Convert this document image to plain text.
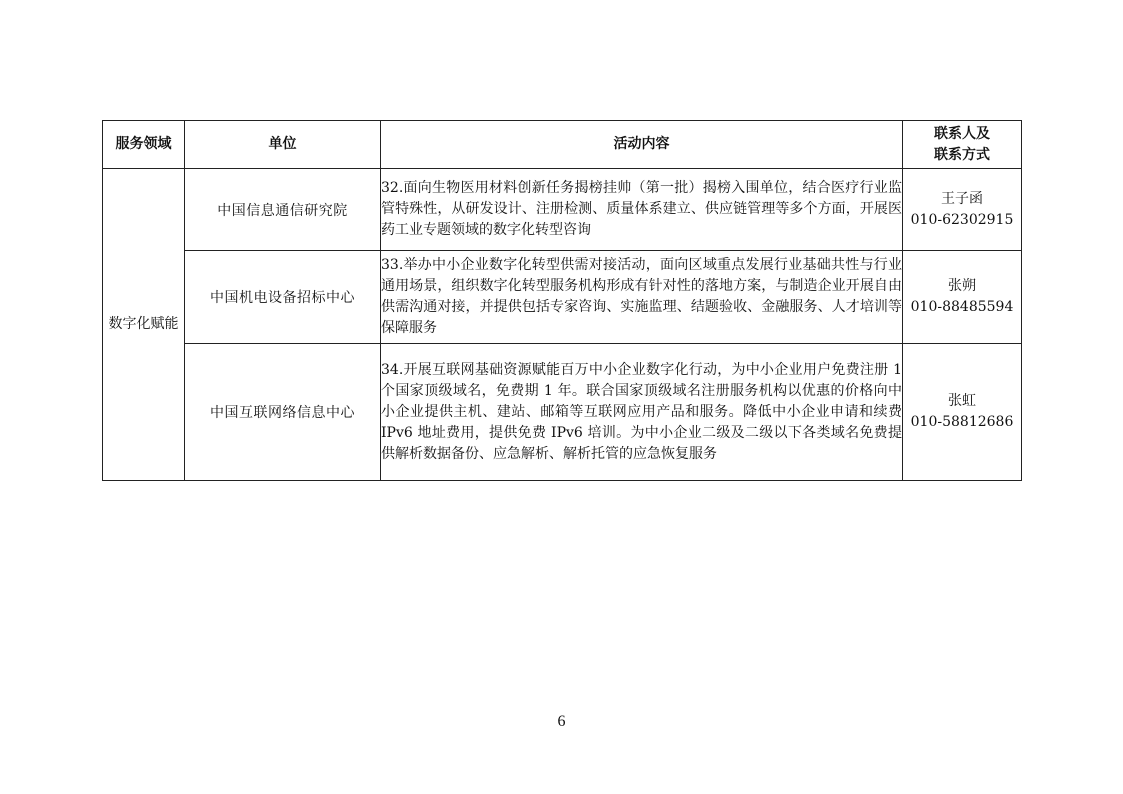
服务领域	单位	活动内容	联系人及
联系方式

数字化赋能	中国信息通信研究院	32.面向生物医用材料创新任务揭榜挂帅（第一批）揭榜入围单位，结合医疗行业监管特殊性，从研发设计、注册检测、质量体系建立、供应链管理等多个方面，开展医药工业专题领域的数字化转型咨询	王子函
010-62302915

	中国机电设备招标中心	33.举办中小企业数字化转型供需对接活动，面向区域重点发展行业基础共性与行业通用场景，组织数字化转型服务机构形成有针对性的落地方案，与制造企业开展自由供需沟通对接，并提供包括专家咨询、实施监理、结题验收、金融服务、人才培训等保障服务	张朔
010-88485594

	中国互联网络信息中心	34.开展互联网基础资源赋能百万中小企业数字化行动，为中小企业用户免费注册 1 个国家顶级域名，免费期 1 年。联合国家顶级域名注册服务机构以优惠的价格向中小企业提供主机、建站、邮箱等互联网应用产品和服务。降低中小企业申请和续费 IPv6 地址费用，提供免费 IPv6 培训。为中小企业二级及二级以下各类域名免费提供解析数据备份、应急解析、解析托管的应急恢复服务	张虹
010-58812686
6
